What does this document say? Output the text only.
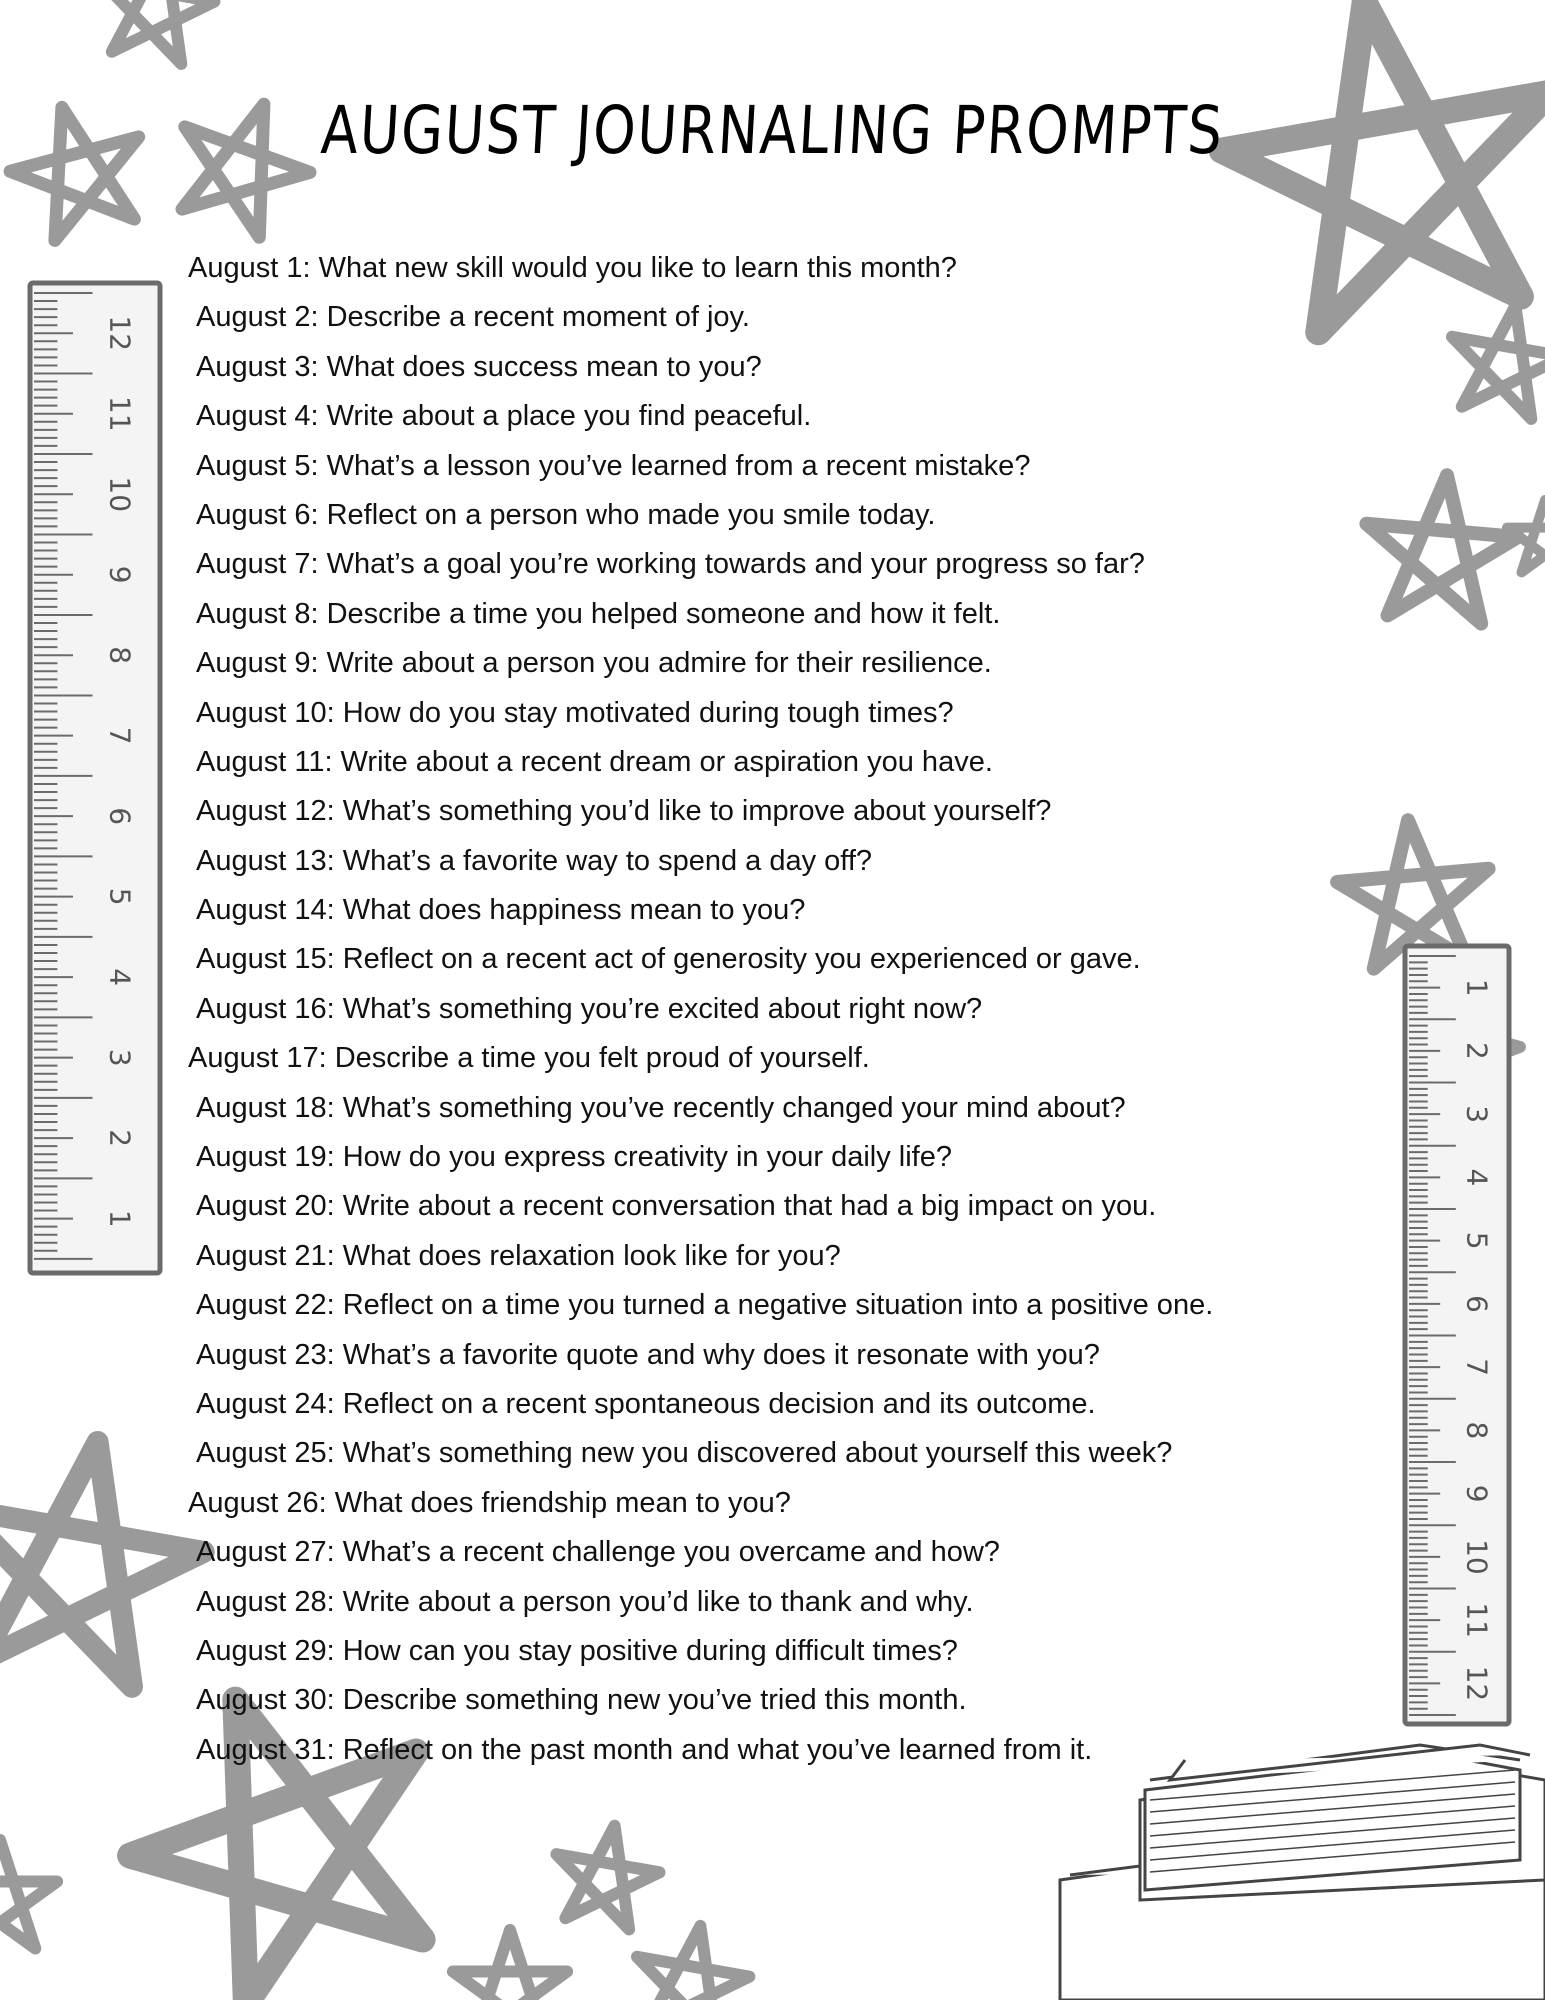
12
11
10
9
8
7
6
5
4
3
2
1
1
2
3
4
5
6
7
8
9
10
11
12
AUGUST JOURNALING PROMPTS
August 1: What new skill would you like to learn this month?
August 2: Describe a recent moment of joy.
August 3: What does success mean to you?
August 4: Write about a place you find peaceful.
August 5: What’s a lesson you’ve learned from a recent mistake?
August 6: Reflect on a person who made you smile today.
August 7: What’s a goal you’re working towards and your progress so far?
August 8: Describe a time you helped someone and how it felt.
August 9: Write about a person you admire for their resilience.
August 10: How do you stay motivated during tough times?
August 11: Write about a recent dream or aspiration you have.
August 12: What’s something you’d like to improve about yourself?
August 13: What’s a favorite way to spend a day off?
August 14: What does happiness mean to you?
August 15: Reflect on a recent act of generosity you experienced or gave.
August 16: What’s something you’re excited about right now?
August 17: Describe a time you felt proud of yourself.
August 18: What’s something you’ve recently changed your mind about?
August 19: How do you express creativity in your daily life?
August 20: Write about a recent conversation that had a big impact on you.
August 21: What does relaxation look like for you?
August 22: Reflect on a time you turned a negative situation into a positive one.
August 23: What’s a favorite quote and why does it resonate with you?
August 24: Reflect on a recent spontaneous decision and its outcome.
August 25: What’s something new you discovered about yourself this week?
August 26: What does friendship mean to you?
August 27: What’s a recent challenge you overcame and how?
August 28: Write about a person you’d like to thank and why.
August 29: How can you stay positive during difficult times?
August 30: Describe something new you’ve tried this month.
August 31: Reflect on the past month and what you’ve learned from it.
